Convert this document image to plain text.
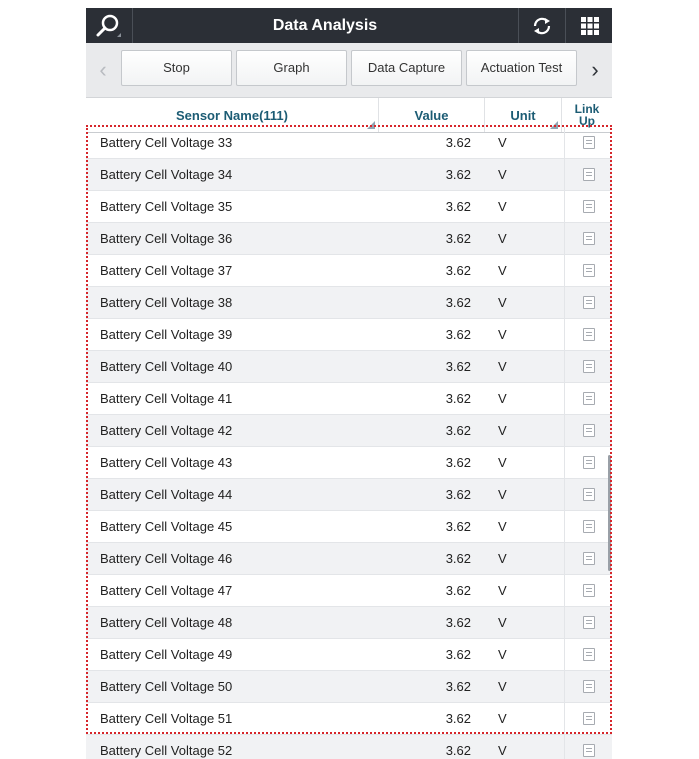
Data Analysis
‹	Stop	Graph	Data Capture	Actuation Test	›
Sensor Name(111)	Value	Unit	Link
Up
Battery Cell Voltage 33	3.62 V
Battery Cell Voltage 34	3.62 V
Battery Cell Voltage 35	3.62 V
Battery Cell Voltage 36	3.62 V
Battery Cell Voltage 37	3.62 V
Battery Cell Voltage 38	3.62 V
Battery Cell Voltage 39	3.62 V
Battery Cell Voltage 40	3.62 V
Battery Cell Voltage 41	3.62 V
Battery Cell Voltage 42	3.62 V
Battery Cell Voltage 43	3.62 V
Battery Cell Voltage 44	3.62 V
Battery Cell Voltage 45	3.62 V
Battery Cell Voltage 46	3.62 V
Battery Cell Voltage 47	3.62 V
Battery Cell Voltage 48	3.62 V
Battery Cell Voltage 49	3.62 V
Battery Cell Voltage 50	3.62 V
Battery Cell Voltage 51	3.62 V
Battery Cell Voltage 52	3.62 V
